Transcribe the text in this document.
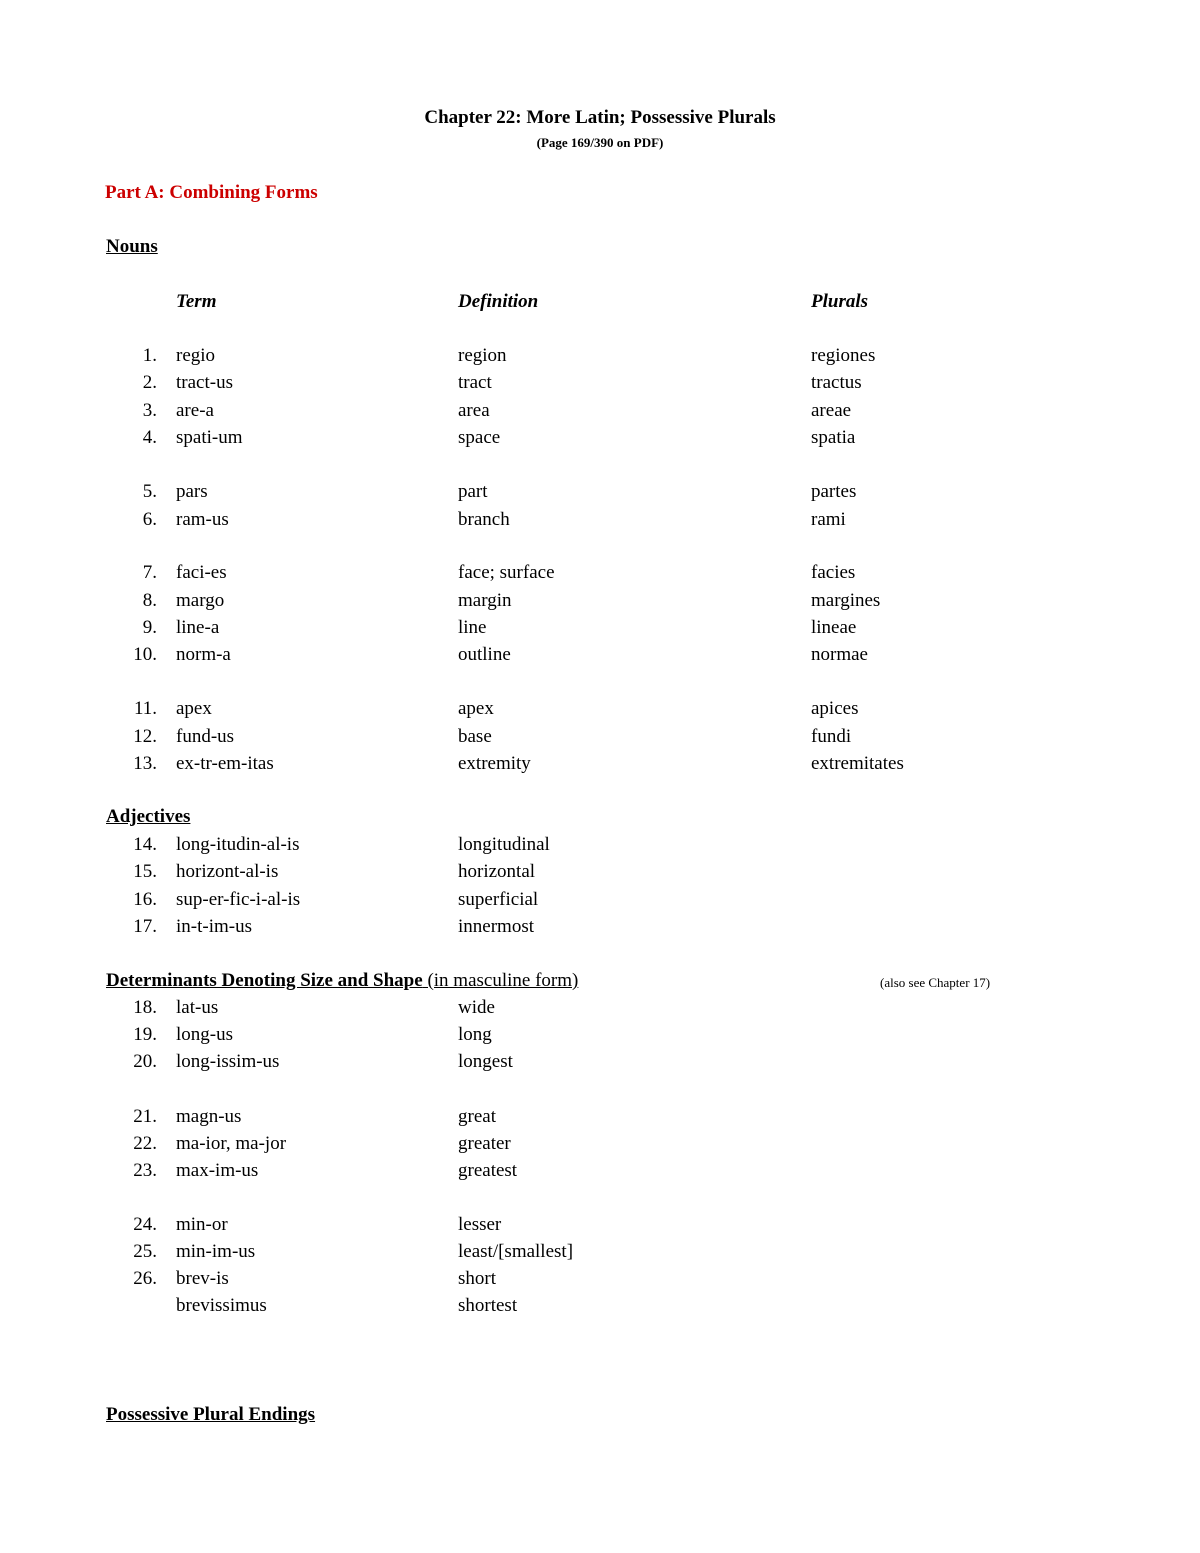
Chapter 22: More Latin; Possessive Plurals
(Page 169/390 on PDF)
Part A: Combining Forms
Nouns
Term	Definition	Plurals
1. regio	region	regiones
2. tract-us	tract	tractus
3. are-a	area	areae
4. spati-um	space	spatia
5. pars	part	partes
6. ram-us	branch	rami
7. faci-es	face; surface	facies
8. margo	margin	margines
9. line-a	line	lineae
10. norm-a	outline	normae
11. apex	apex	apices
12. fund-us	base	fundi
13. ex-tr-em-itas	extremity	extremitates
Adjectives
14. long-itudin-al-is	longitudinal
15. horizont-al-is	horizontal
16. sup-er-fic-i-al-is	superficial
17. in-t-im-us	innermost
Determinants Denoting Size and Shape (in masculine form)	(also see Chapter 17)
18. lat-us	wide
19. long-us	long
20. long-issim-us	longest
21. magn-us	great
22. ma-ior, ma-jor	greater
23. max-im-us	greatest
24. min-or	lesser
25. min-im-us	least/[smallest]
26. brev-is	short
brevissimus	shortest
Possessive Plural Endings
